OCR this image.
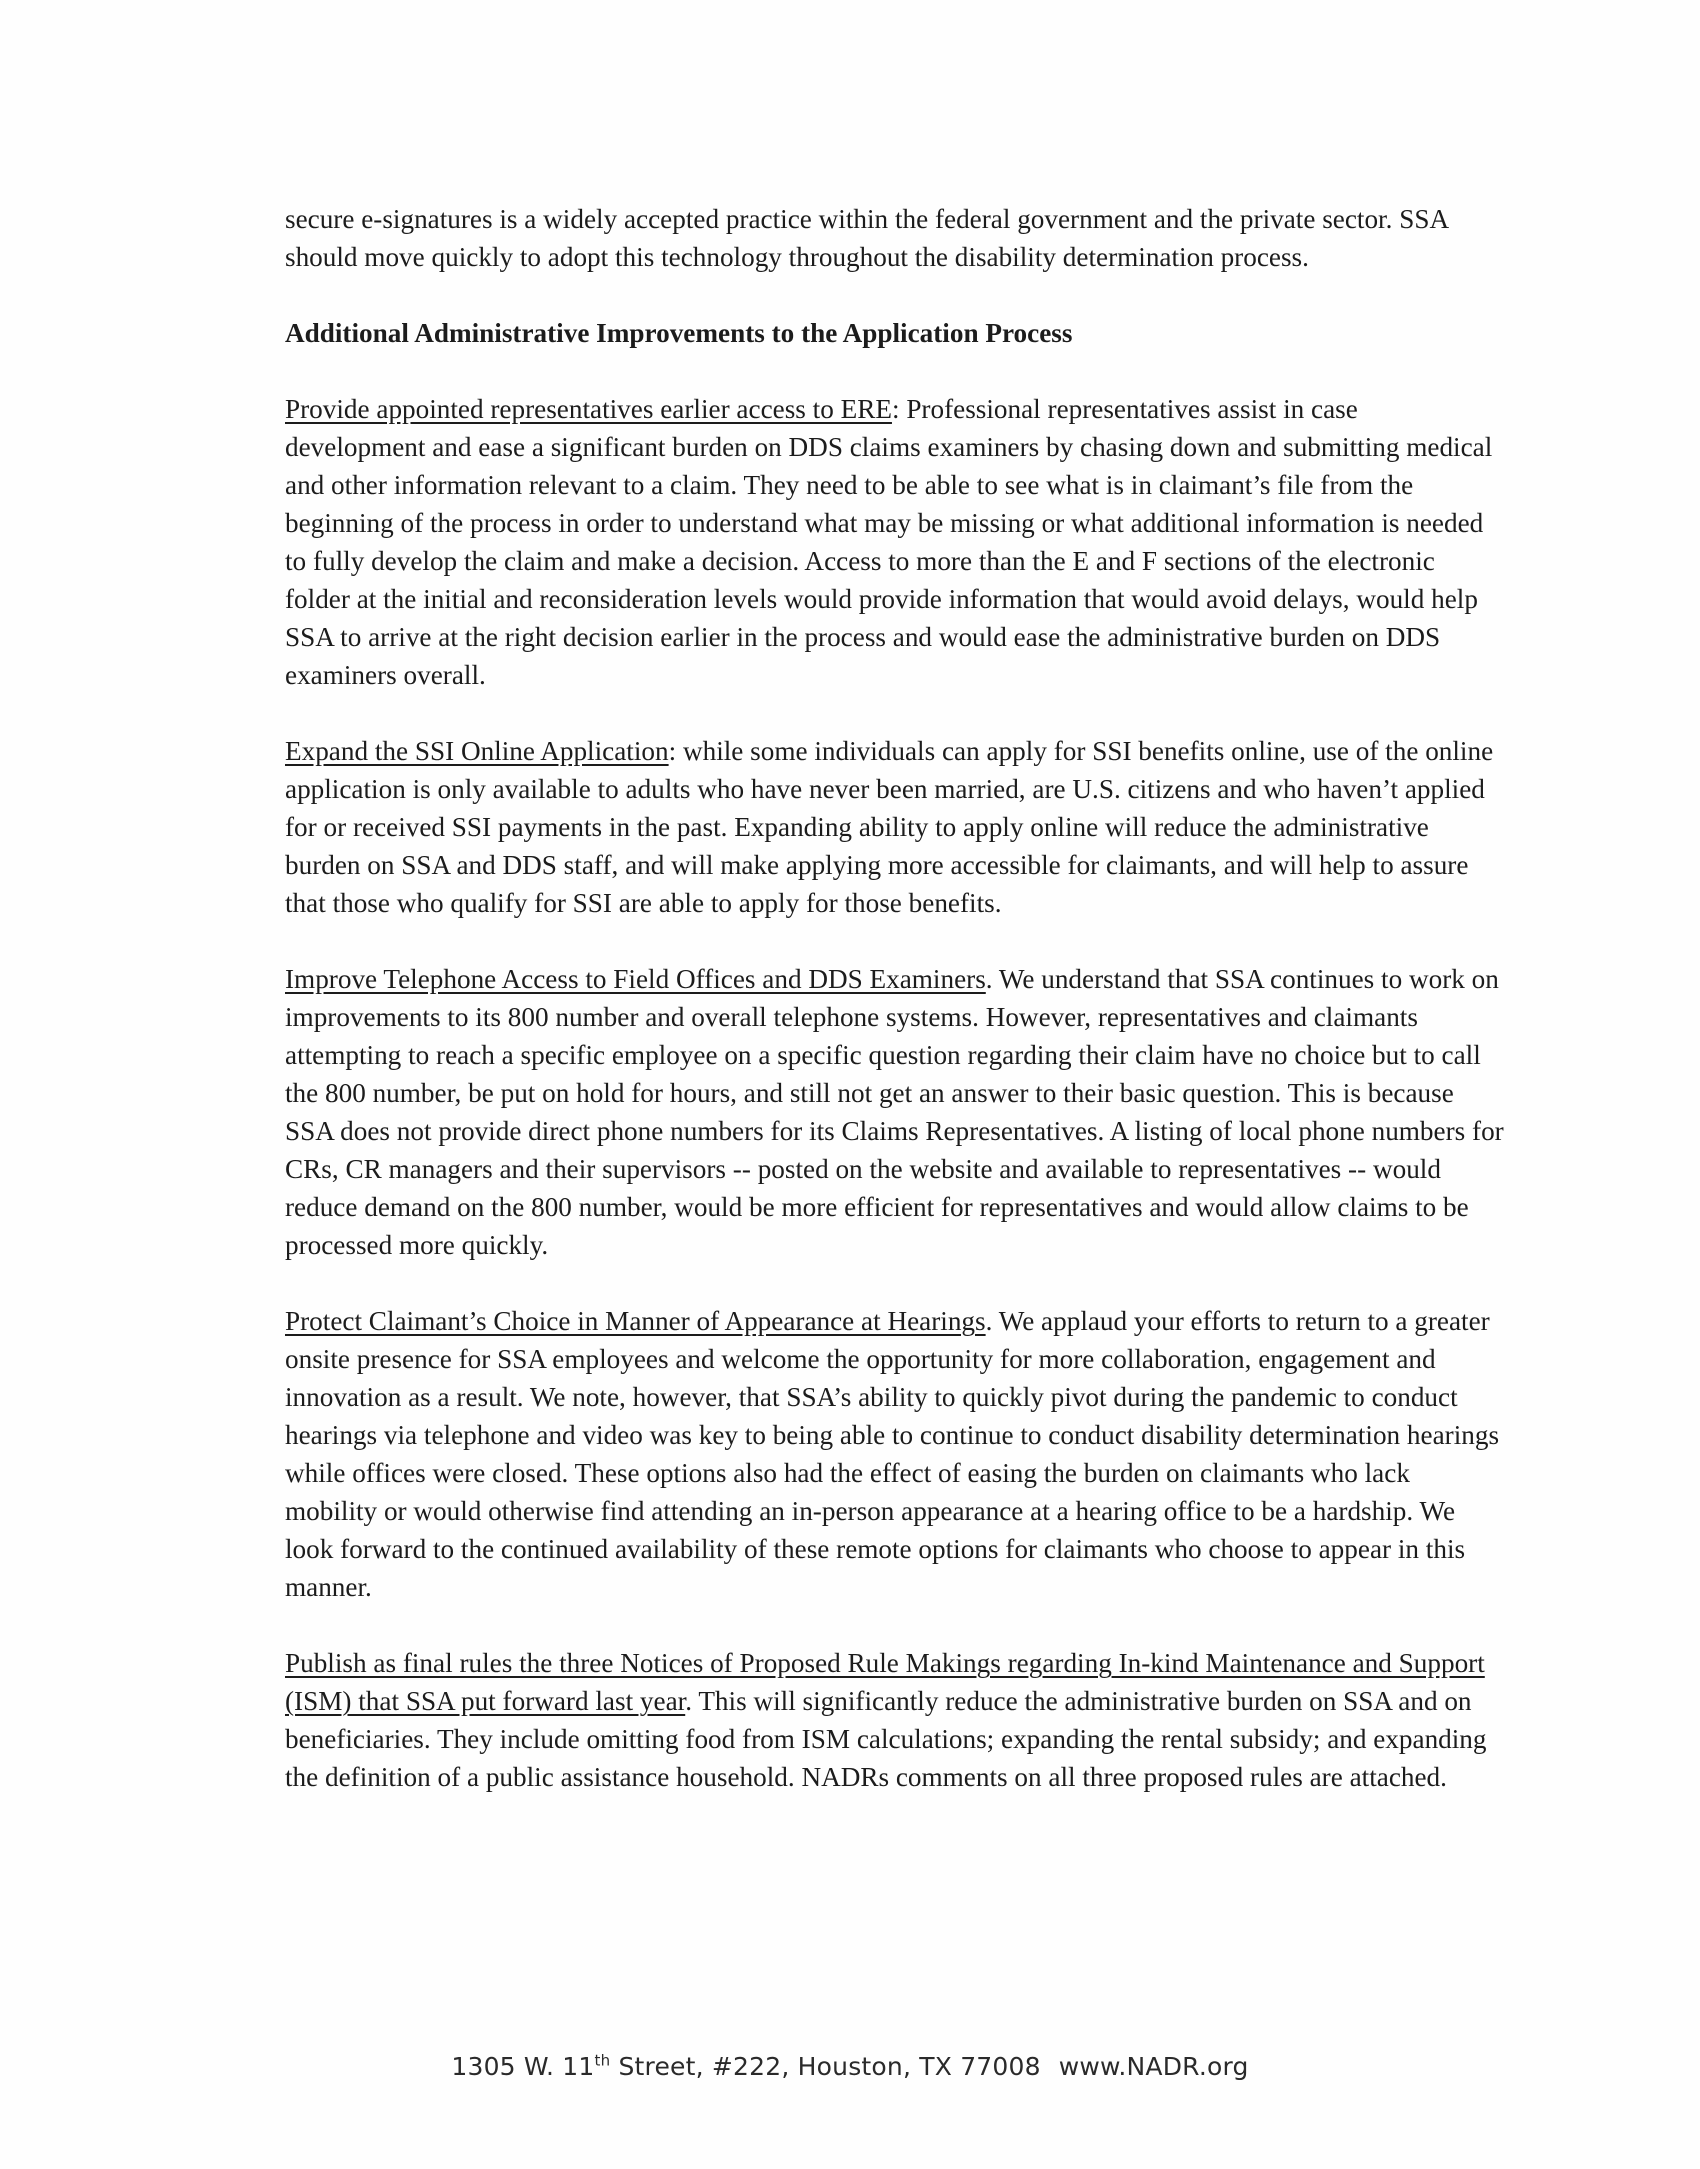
secure e-signatures is a widely accepted practice within the federal government and the private sector. SSA should move quickly to adopt this technology throughout the disability determination process.

Additional Administrative Improvements to the Application Process

Provide appointed representatives earlier access to ERE: Professional representatives assist in case development and ease a significant burden on DDS claims examiners by chasing down and submitting medical and other information relevant to a claim. They need to be able to see what is in claimant’s file from the beginning of the process in order to understand what may be missing or what additional information is needed to fully develop the claim and make a decision. Access to more than the E and F sections of the electronic folder at the initial and reconsideration levels would provide information that would avoid delays, would help SSA to arrive at the right decision earlier in the process and would ease the administrative burden on DDS examiners overall.

Expand the SSI Online Application: while some individuals can apply for SSI benefits online, use of the online application is only available to adults who have never been married, are U.S. citizens and who haven’t applied for or received SSI payments in the past. Expanding ability to apply online will reduce the administrative burden on SSA and DDS staff, and will make applying more accessible for claimants, and will help to assure that those who qualify for SSI are able to apply for those benefits.

Improve Telephone Access to Field Offices and DDS Examiners. We understand that SSA continues to work on improvements to its 800 number and overall telephone systems. However, representatives and claimants attempting to reach a specific employee on a specific question regarding their claim have no choice but to call the 800 number, be put on hold for hours, and still not get an answer to their basic question. This is because SSA does not provide direct phone numbers for its Claims Representatives. A listing of local phone numbers for CRs, CR managers and their supervisors -- posted on the website and available to representatives -- would reduce demand on the 800 number, would be more efficient for representatives and would allow claims to be processed more quickly.

Protect Claimant’s Choice in Manner of Appearance at Hearings. We applaud your efforts to return to a greater onsite presence for SSA employees and welcome the opportunity for more collaboration, engagement and innovation as a result. We note, however, that SSA’s ability to quickly pivot during the pandemic to conduct hearings via telephone and video was key to being able to continue to conduct disability determination hearings while offices were closed. These options also had the effect of easing the burden on claimants who lack mobility or would otherwise find attending an in-person appearance at a hearing office to be a hardship. We look forward to the continued availability of these remote options for claimants who choose to appear in this manner.

Publish as final rules the three Notices of Proposed Rule Makings regarding In-kind Maintenance and Support (ISM) that SSA put forward last year. This will significantly reduce the administrative burden on SSA and on beneficiaries. They include omitting food from ISM calculations; expanding the rental subsidy; and expanding the definition of a public assistance household. NADRs comments on all three proposed rules are attached.

1305 W. 11th Street, #222, Houston, TX 77008 www.NADR.org
